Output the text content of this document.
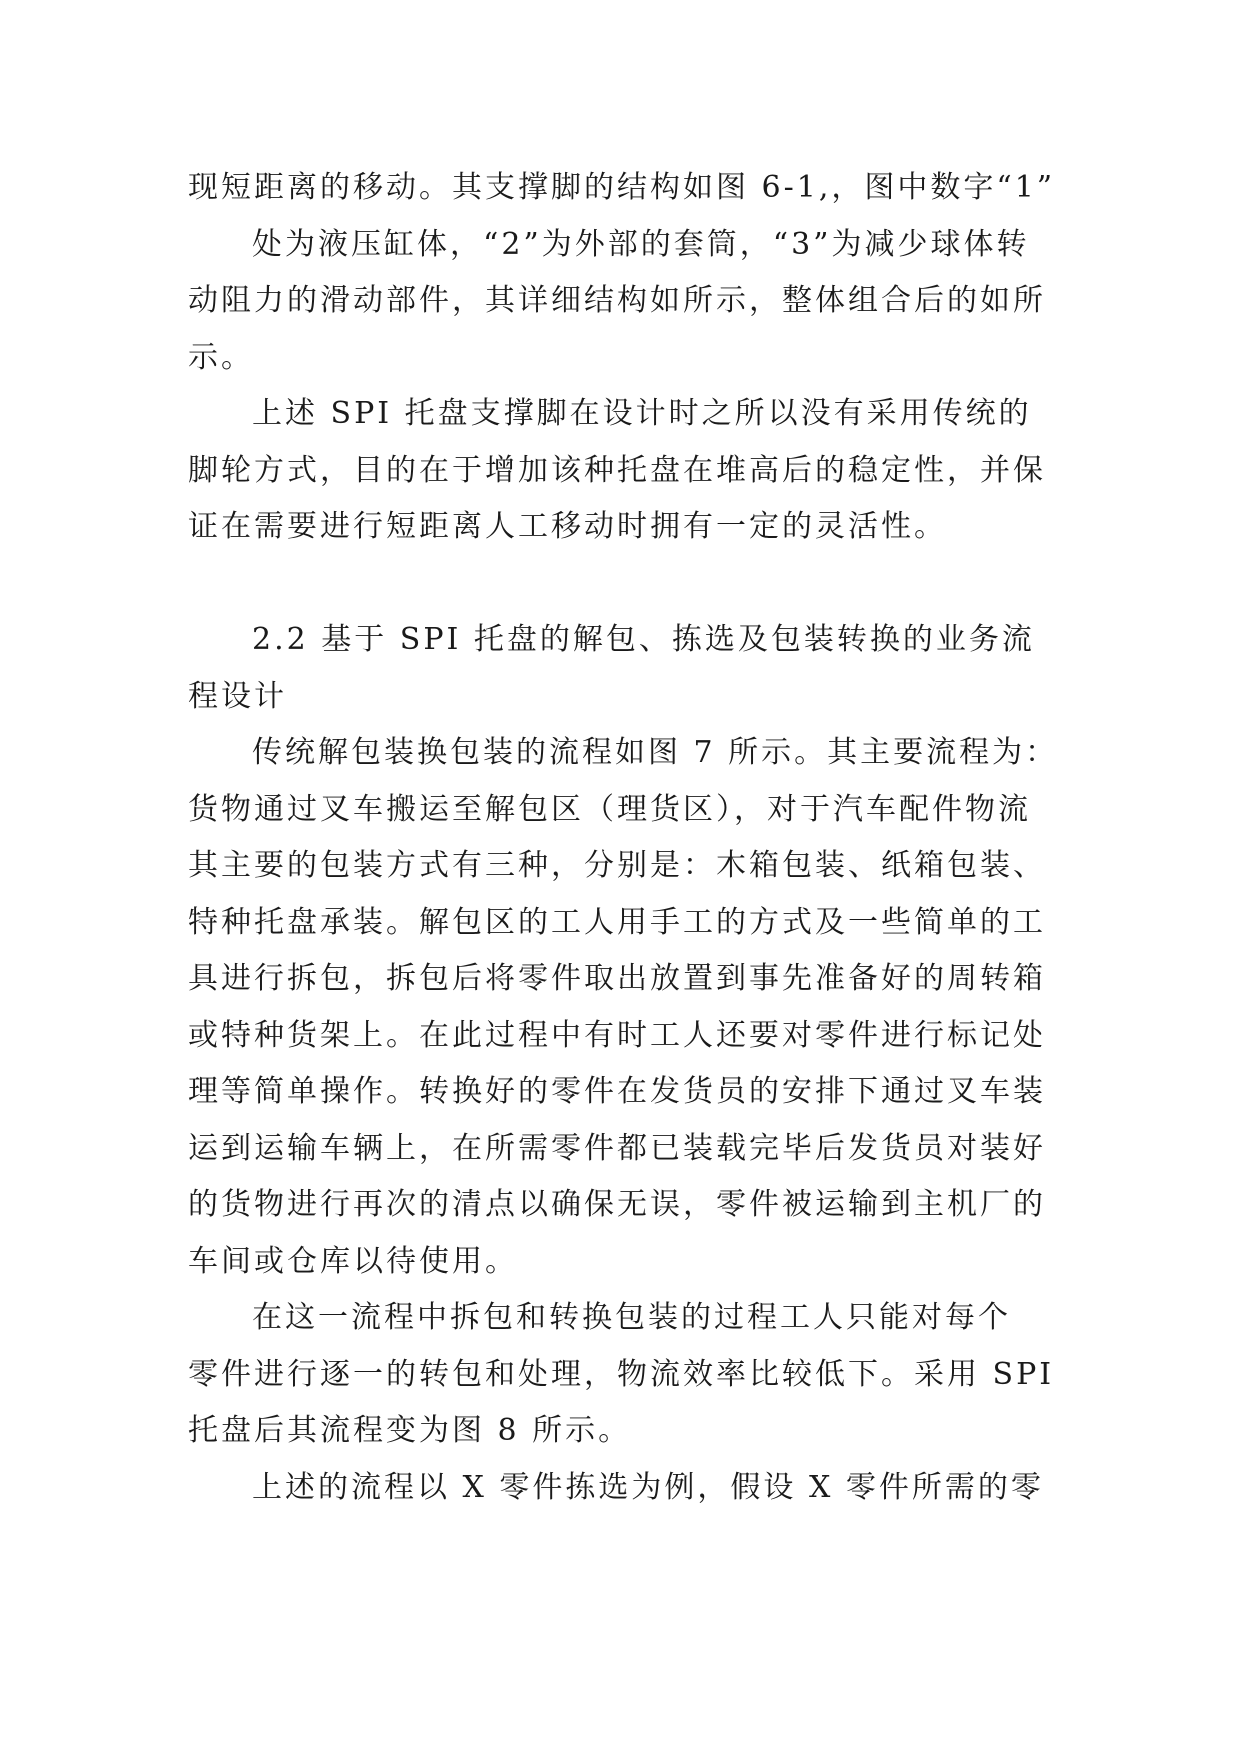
现短距离的移动。其支撑脚的结构如图 6-1,，图中数字“1”
处为液压缸体，“2”为外部的套筒，“3”为减少球体转
动阻力的滑动部件，其详细结构如所示，整体组合后的如所
示。
上述 SPI 托盘支撑脚在设计时之所以没有采用传统的
脚轮方式，目的在于增加该种托盘在堆高后的稳定性，并保
证在需要进行短距离人工移动时拥有一定的灵活性。
2.2 基于 SPI 托盘的解包、拣选及包装转换的业务流
程设计
传统解包装换包装的流程如图 7 所示。其主要流程为：
货物通过叉车搬运至解包区（理货区），对于汽车配件物流
其主要的包装方式有三种，分别是：木箱包装、纸箱包装、
特种托盘承装。解包区的工人用手工的方式及一些简单的工
具进行拆包，拆包后将零件取出放置到事先准备好的周转箱
或特种货架上。在此过程中有时工人还要对零件进行标记处
理等简单操作。转换好的零件在发货员的安排下通过叉车装
运到运输车辆上，在所需零件都已装载完毕后发货员对装好
的货物进行再次的清点以确保无误，零件被运输到主机厂的
车间或仓库以待使用。
在这一流程中拆包和转换包装的过程工人只能对每个
零件进行逐一的转包和处理，物流效率比较低下。采用 SPI
托盘后其流程变为图 8 所示。
上述的流程以 X 零件拣选为例，假设 X 零件所需的零
